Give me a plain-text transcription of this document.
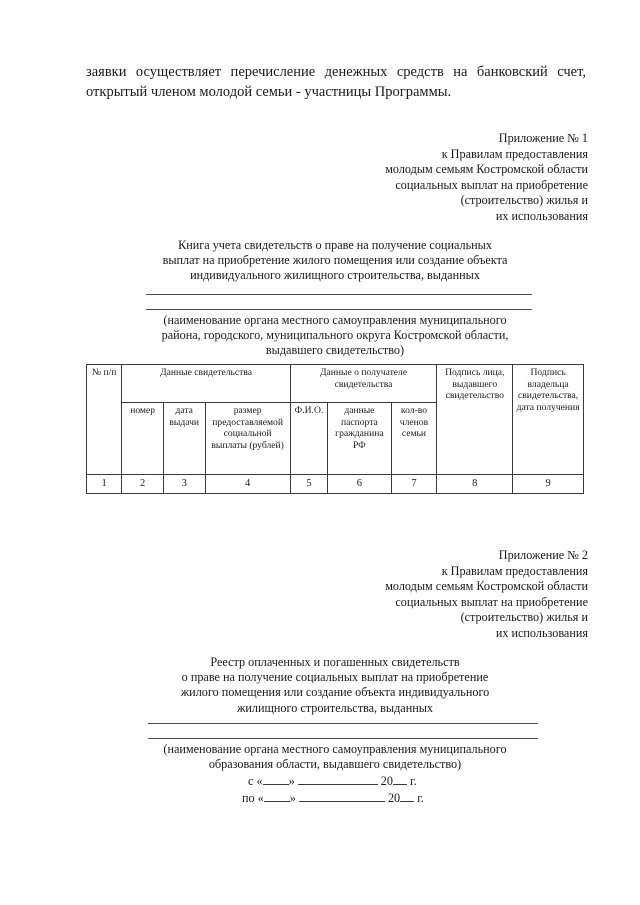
заявки осуществляет перечисление денежных средств на банковский счет,
открытый членом молодой семьи - участницы Программы.
Приложение № 1
к Правилам предоставления
молодым семьям Костромской области
социальных выплат на приобретение
(строительство) жилья и
их использования
Книга учета свидетельств о праве на получение социальных
выплат на приобретение жилого помещения или создание объекта
индивидуального жилищного строительства, выданных
(наименование органа местного самоуправления муниципального
района, городского, муниципального округа Костромской области,
выдавшего свидетельство)
№ п/п	Данные свидетельства			Данные о получателе свидетельства			Подпись лица, выдавшего свидетельство	Подпись владельца свидетельства, дата получения
	номер	дата выдачи	размер предоставляемой социальной выплаты (рублей)	Ф.И.О.	данные паспорта гражданина РФ	кол-во членов семьи		
1	2	3	4	5	6	7	8	9
Приложение № 2
к Правилам предоставления
молодым семьям Костромской области
социальных выплат на приобретение
(строительство) жилья и
их использования
Реестр оплаченных и погашенных свидетельств
о праве на получение социальных выплат на приобретение
жилого помещения или создание объекта индивидуального
жилищного строительства, выданных
(наименование органа местного самоуправления муниципального
образования области, выдавшего свидетельство)
с « »	20 г.
по « »	20 г.
